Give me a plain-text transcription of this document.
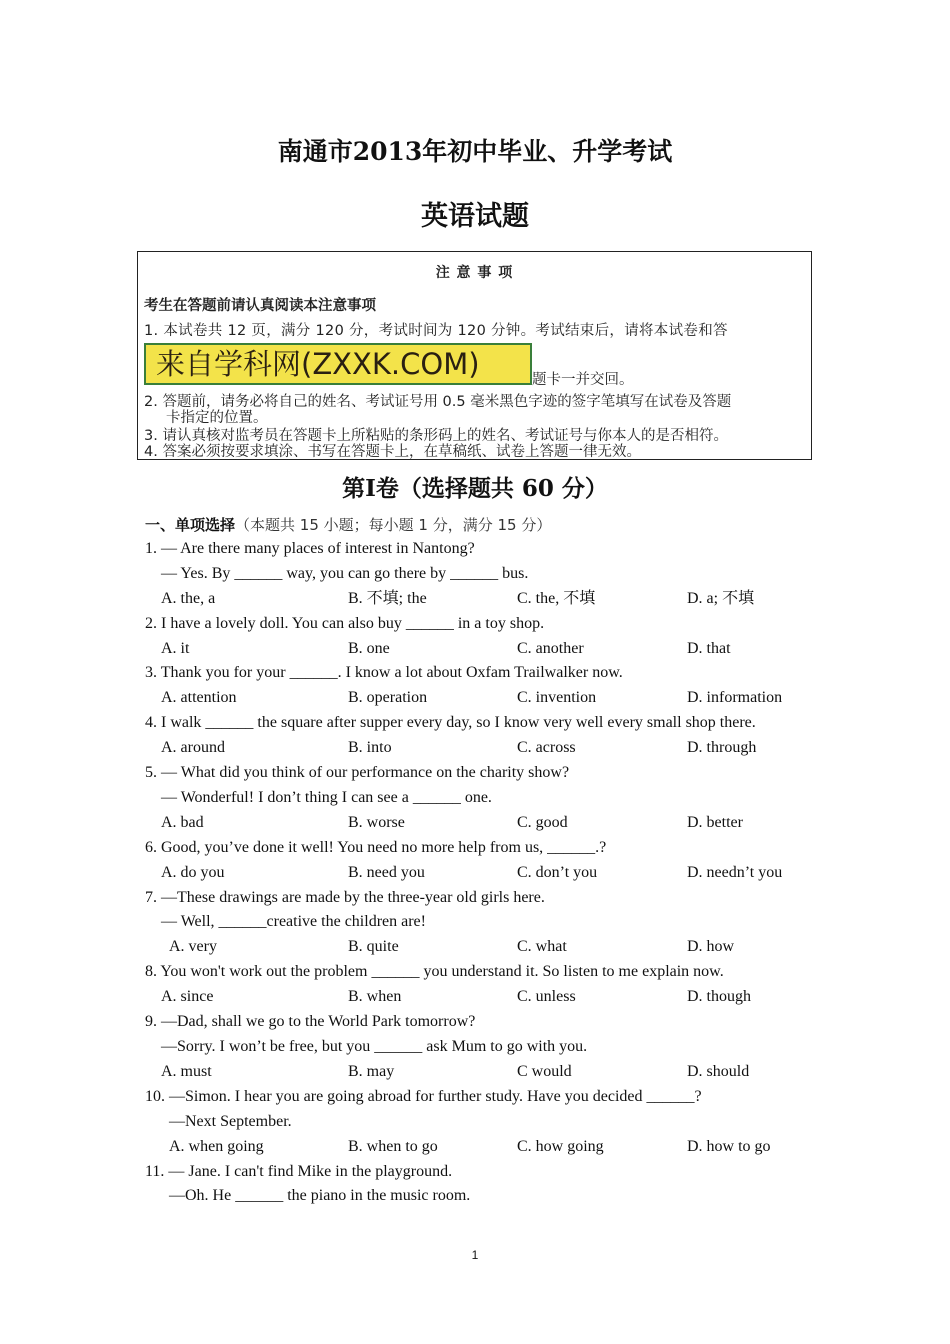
南通市2013年初中毕业、升学考试
英语试题
注 意 事 项
考生在答题前请认真阅读本注意事项
1. 本试卷共 12 页，满分 120 分，考试时间为 120 分钟。考试结束后，请将本试卷和答
来自学科网(ZXXK.COM)	题卡一并交回。
2. 答题前，请务必将自己的姓名、考试证号用 0.5 毫米黑色字迹的签字笔填写在试卷及答题
卡指定的位置。
3. 请认真核对监考员在答题卡上所粘贴的条形码上的姓名、考试证号与你本人的是否相符。
4. 答案必须按要求填涂、书写在答题卡上，在草稿纸、试卷上答题一律无效。
第Ⅰ卷（选择题共 60 分）
一、单项选择（本题共 15 小题；每小题 1 分，满分 15 分）
1. — Are there many places of interest in Nantong?
— Yes. By ______ way, you can go there by ______ bus.
A. the, a	B. 不填; the	C. the, 不填	D. a; 不填
2. I have a lovely doll. You can also buy ______ in a toy shop.
A. it	B. one	C. another	D. that
3. Thank you for your ______. I know a lot about Oxfam Trailwalker now.
A. attention	B. operation	C. invention	D. information
4. I walk ______ the square after supper every day, so I know very well every small shop there.
A. around	B. into	C. across	D. through
5. — What did you think of our performance on the charity show?
— Wonderful! I don’t thing I can see a ______ one.
A. bad	B. worse	C. good	D. better
6. Good, you’ve done it well! You need no more help from us, ______.?
A. do you	B. need you	C. don’t you	D. needn’t you
7. —These drawings are made by the three-year old girls here.
— Well, ______creative the children are!
A. very	B. quite	C. what	D. how
8. You won't work out the problem ______ you understand it. So listen to me explain now.
A. since	B. when	C. unless	D. though
9. —Dad, shall we go to the World Park tomorrow?
—Sorry. I won’t be free, but you ______ ask Mum to go with you.
A. must	B. may	C would	D. should
10. —Simon. I hear you are going abroad for further study. Have you decided ______?
—Next September.
A. when going	B. when to go	C. how going	D. how to go
11. — Jane. I can't find Mike in the playground.
—Oh. He ______ the piano in the music room.
1
